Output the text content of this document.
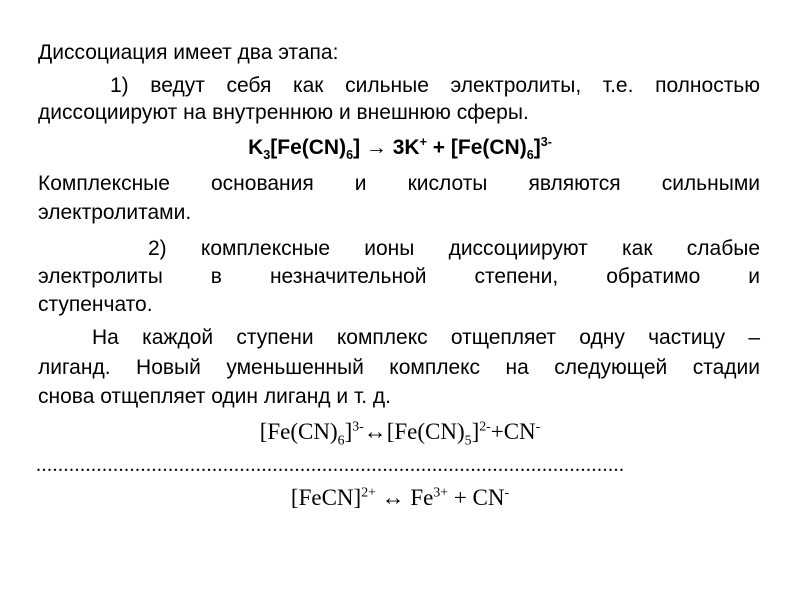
Диссоциация имеет два этапа:
1) ведут себя как сильные электролиты, т.е. полностью
диссоциируют на внутреннюю и внешнюю сферы.
$K_3[Fe(CN)_6] \to 3K^+ + [Fe(CN)_6]^{3-}$
Комплексные основания и кислоты являются сильными
электролитами.
2) комплексные ионы диссоциируют как слабые
электролиты в незначительной степени, обратимо и
ступенчато.
На каждой ступени комплекс отщепляет одну частицу –
лиганд. Новый уменьшенный комплекс на следующей стадии
снова отщепляет один лиганд и т. д.
$[Fe(CN)_6]^{3-}\leftrightarrow[Fe(CN)_5]^{2-}+CN^-$
...........................................................................................................
[FeCN]$^{2+}$ ↔ $Fe^{3+} + CN^-$
